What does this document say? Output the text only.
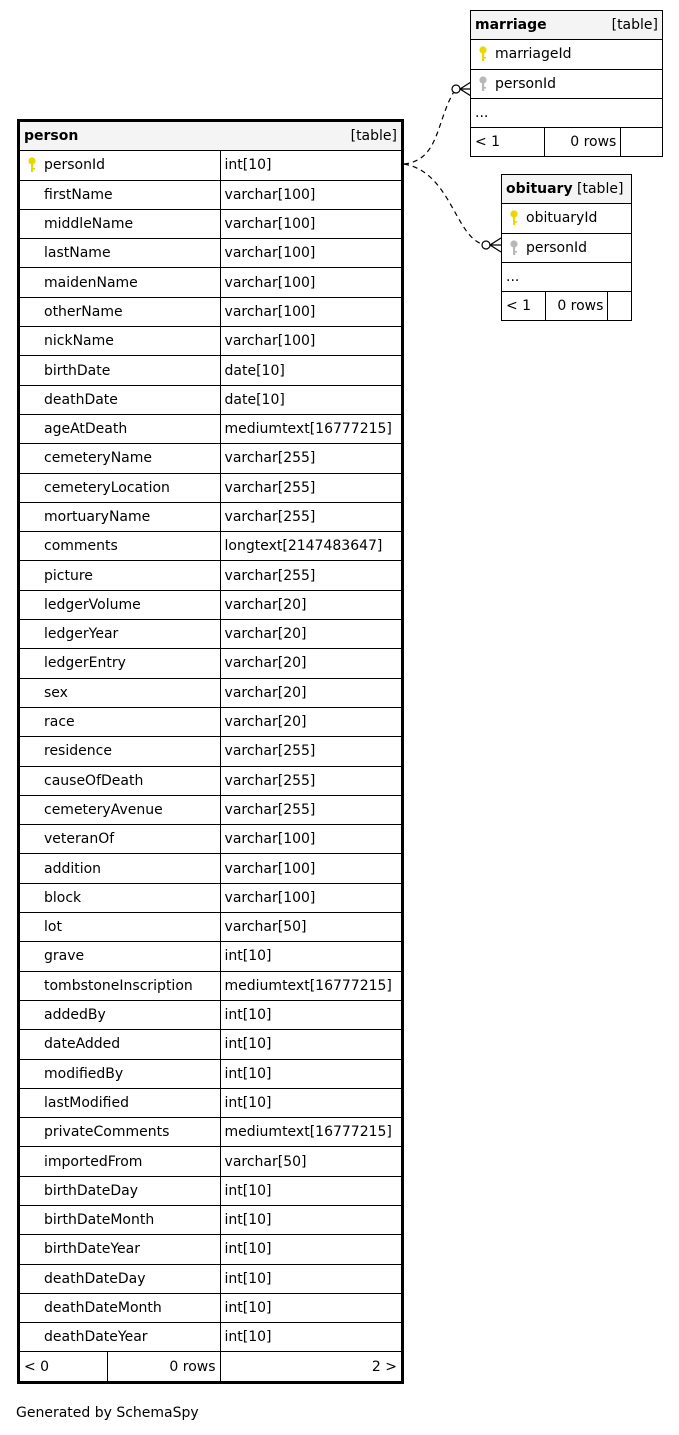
person [table]		

personId		int[10]
firstName		varchar[100]
middleName		varchar[100]
lastName		varchar[100]
maidenName		varchar[100]
otherName		varchar[100]
nickName		varchar[100]
birthDate		date[10]
deathDate		date[10]
ageAtDeath		mediumtext[16777215]
cemeteryName		varchar[255]
cemeteryLocation		varchar[255]
mortuaryName		varchar[255]
comments		longtext[2147483647]
picture		varchar[255]
ledgerVolume		varchar[20]
ledgerYear		varchar[20]
ledgerEntry		varchar[20]
sex		varchar[20]
race		varchar[20]
residence		varchar[255]
causeOfDeath		varchar[255]
cemeteryAvenue		varchar[255]
veteranOf		varchar[100]
addition		varchar[100]
block		varchar[100]
lot		varchar[50]
grave		int[10]
tombstoneInscription		mediumtext[16777215]
addedBy		int[10]
dateAdded		int[10]
modifiedBy		int[10]
lastModified		int[10]
privateComments		mediumtext[16777215]
importedFrom		varchar[50]
birthDateDay		int[10]
birthDateMonth		int[10]
birthDateYear		int[10]
deathDateDay		int[10]
deathDateMonth		int[10]
deathDateYear		int[10]
< 0	0 rows	2 >
marriage	[table]

marriageId

personId
...
< 1	0 rows	
obituary [table]

obituaryId

personId
...
< 1	0 rows	
Generated by SchemaSpy
